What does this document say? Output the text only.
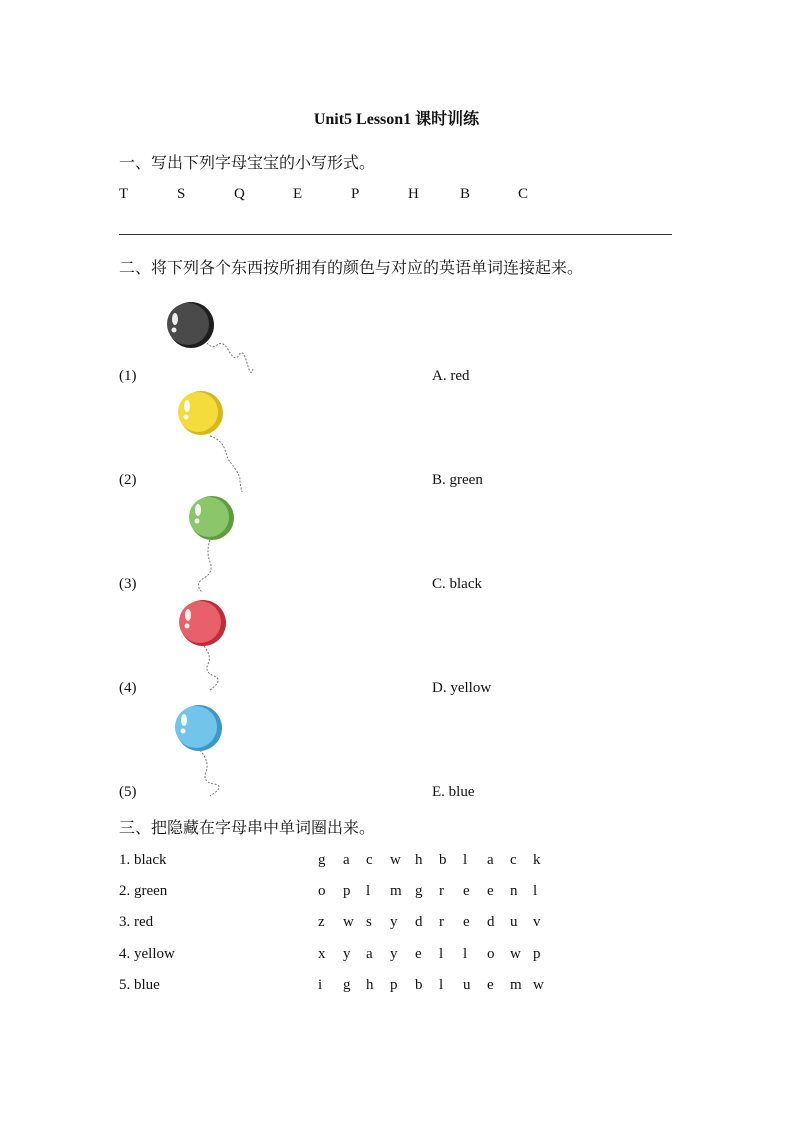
Unit5 Lesson1 课时训练
一、写出下列字母宝宝的小写形式。
T	S	Q	E	P	H	B	C
二、将下列各个东西按所拥有的颜色与对应的英语单词连接起来。
(1)	A. red
(2)	B. green
(3)	C. black
(4)	D. yellow
(5)	E. blue
三、把隐藏在字母串中单词圈出来。
1. black	g a c w h b l a c k
2. green	o p l m g r e e n l
3. red	z w s y d r e d u v
4. yellow	x y a y e l l o w p
5. blue	i g h p b l u e m w
